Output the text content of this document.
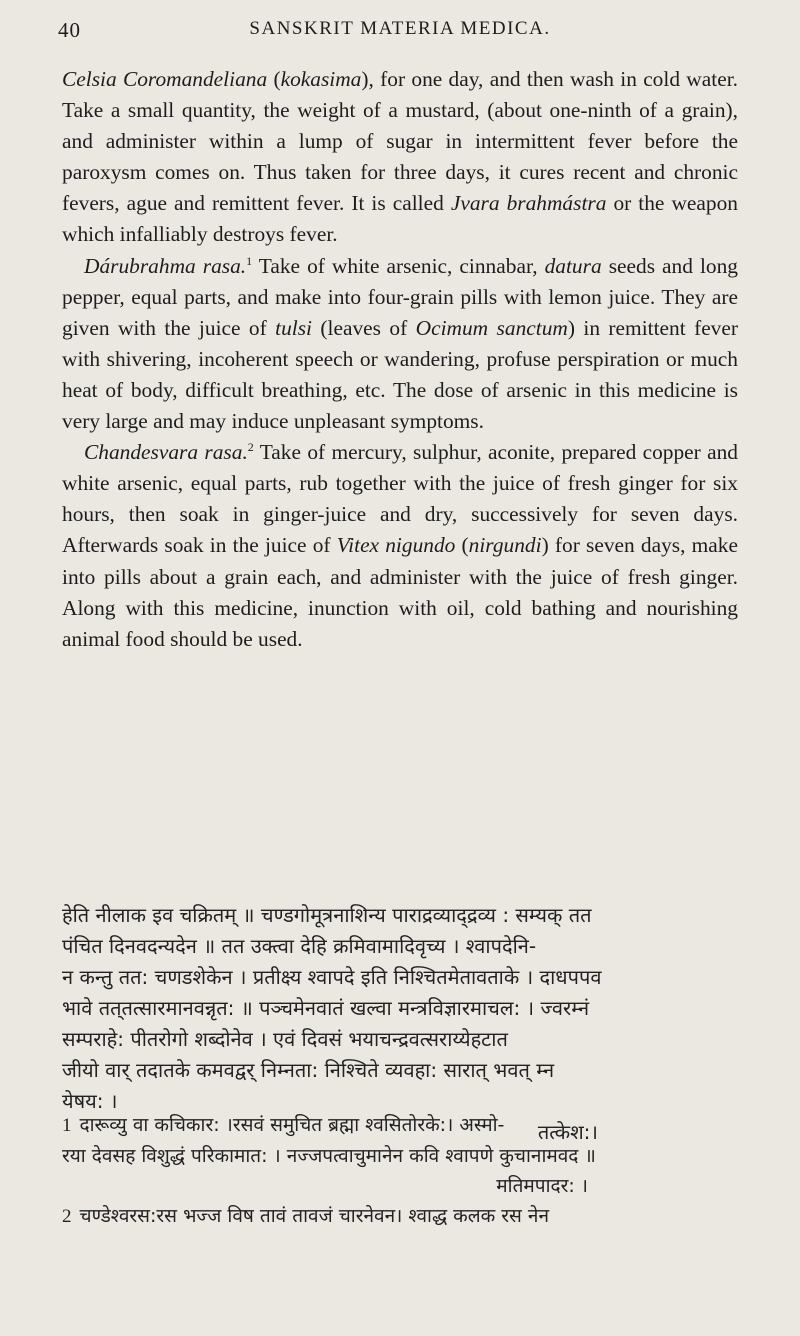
40	SANSKRIT MATERIA MEDICA.

Celsia Coromandeliana (kokasima), for one day, and then wash in cold water. Take a small quantity, the weight of a mustard, (about one-ninth of a grain), and administer within a lump of sugar in intermittent fever before the paroxysm comes on. Thus taken for three days, it cures recent and chronic fevers, ague and remittent fever. It is called Jvara brahmástra or the weapon which infalliably destroys fever.

Dárubrahma rasa.$^1$ Take of white arsenic, cinnabar, datura seeds and long pepper, equal parts, and make into four-grain pills with lemon juice. They are given with the juice of tulsi (leaves of Ocimum sanctum) in remittent fever with shivering, incoherent speech or wandering, profuse perspiration or much heat of body, difficult breathing, etc. The dose of arsenic in this medicine is very large and may induce unpleasant symptoms.

Chandesvara rasa.$^2$ Take of mercury, sulphur, aconite, prepared copper and white arsenic, equal parts, rub together with the juice of fresh ginger for six hours, then soak in ginger-juice and dry, successively for seven days. Afterwards soak in the juice of Vitex nigundo (nirgundi) for seven days, make into pills about a grain each, and administer with the juice of fresh ginger. Along with this medicine, inunction with oil, cold bathing and nourishing animal food should be used.

हेति नीलाक इव चक्रितम् ॥ चण्डगोमूत्रनाशिन्य पाराद्रव्याद्द्रव्य : सम्यक् तत
पंचित दिनवदन्यदेन ॥ तत उक्त्वा देहि क्रमिवामादिवृच्य । श्वापदेनि-
न कन्तु तत: चणडशेकेन । प्रतीक्ष्य श्वापदे इति निश्चितमेतावताके । दाधपपव
भावे तत्‌तत्सारमानवन्नृत: ॥ पञ्चमेनवातं खल्वा मन्त्रविज्ञारमाचल: । ज्वरम्नं
सम्पराहे: पीतरोगो शब्दोनेव । एवं दिवसं भयाचन्द्रवत्सराय्येहटात
जीयो वार्‌ तदातके कमवद्वर् निम्नता: निश्चिते व्यवहा: सारात् भवत्‌ म्न
येषय: ।
तत्केश:।
1 दारूव्यु वा कचिकार: ।रसवं समुचित ब्रह्मा श्वसितोरके:। अस्मो-
रया देवसह विशुद्धं परिकामात: । नज्जपत्वाचुमानेन कवि श्वापणे कुचानामवद ॥
मतिमपादर: ।
2 चण्डेश्वरस:रस भज्ज विष तावं तावजं चारनेवन। श्वाद्ध कलक रस नेन
